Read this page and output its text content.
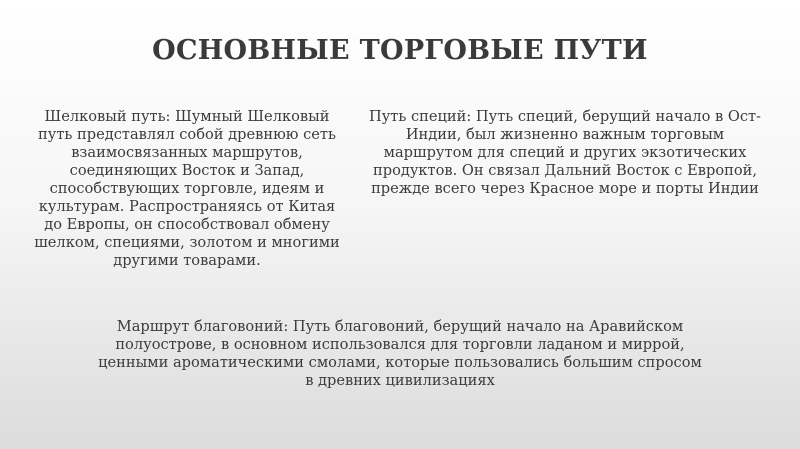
ОСНОВНЫЕ ТОРГОВЫЕ ПУТИ

Шелковый путь: Шумный Шелковый путь представлял собой древнюю сеть взаимосвязанных маршрутов, соединяющих Восток и Запад, способствующих торговле, идеям и культурам. Распространяясь от Китая до Европы, он способствовал обмену шелком, специями, золотом и многими другими товарами.

Путь специй: Путь специй, берущий начало в Ост-Индии, был жизненно важным торговым маршрутом для специй и других экзотических продуктов. Он связал Дальний Восток с Европой, прежде всего через Красное море и порты Индии

Маршрут благовоний: Путь благовоний, берущий начало на Аравийском полуострове, в основном использовался для торговли ладаном и миррой, ценными ароматическими смолами, которые пользовались большим спросом в древних цивилизациях
